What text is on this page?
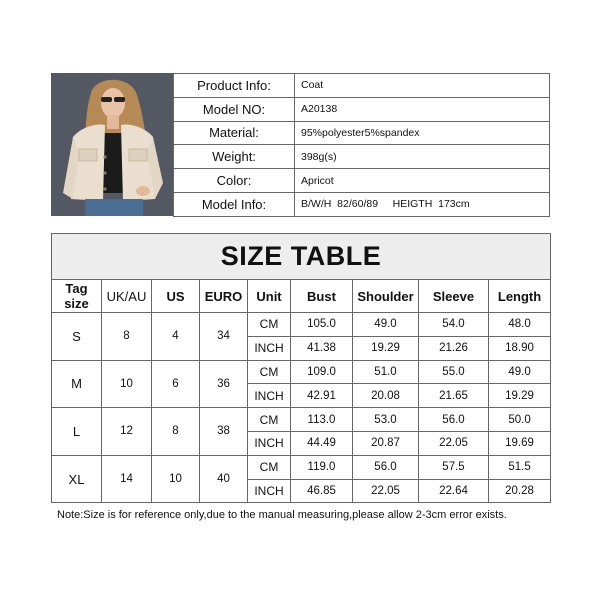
Product Info:	Coat
Model NO:	A20138
Material:	95%polyester5%spandex
Weight:	398g(s)
Color:	Apricot
Model Info:	B/W/H  82/60/89     HEIGTH  173cm
SIZE TABLE								
Tag size	UK/AU	US	EURO	Unit	Bust	Shoulder	Sleeve	Length
S	8	4	34	CM	105.0	49.0	54.0	48.0
				INCH	41.38	19.29	21.26	18.90
M	10	6	36	CM	109.0	51.0	55.0	49.0
				INCH	42.91	20.08	21.65	19.29
L	12	8	38	CM	113.0	53.0	56.0	50.0
				INCH	44.49	20.87	22.05	19.69
XL	14	10	40	CM	119.0	56.0	57.5	51.5
				INCH	46.85	22.05	22.64	20.28
Note:Size is for reference only,due to the manual measuring,please allow 2-3cm error exists.
